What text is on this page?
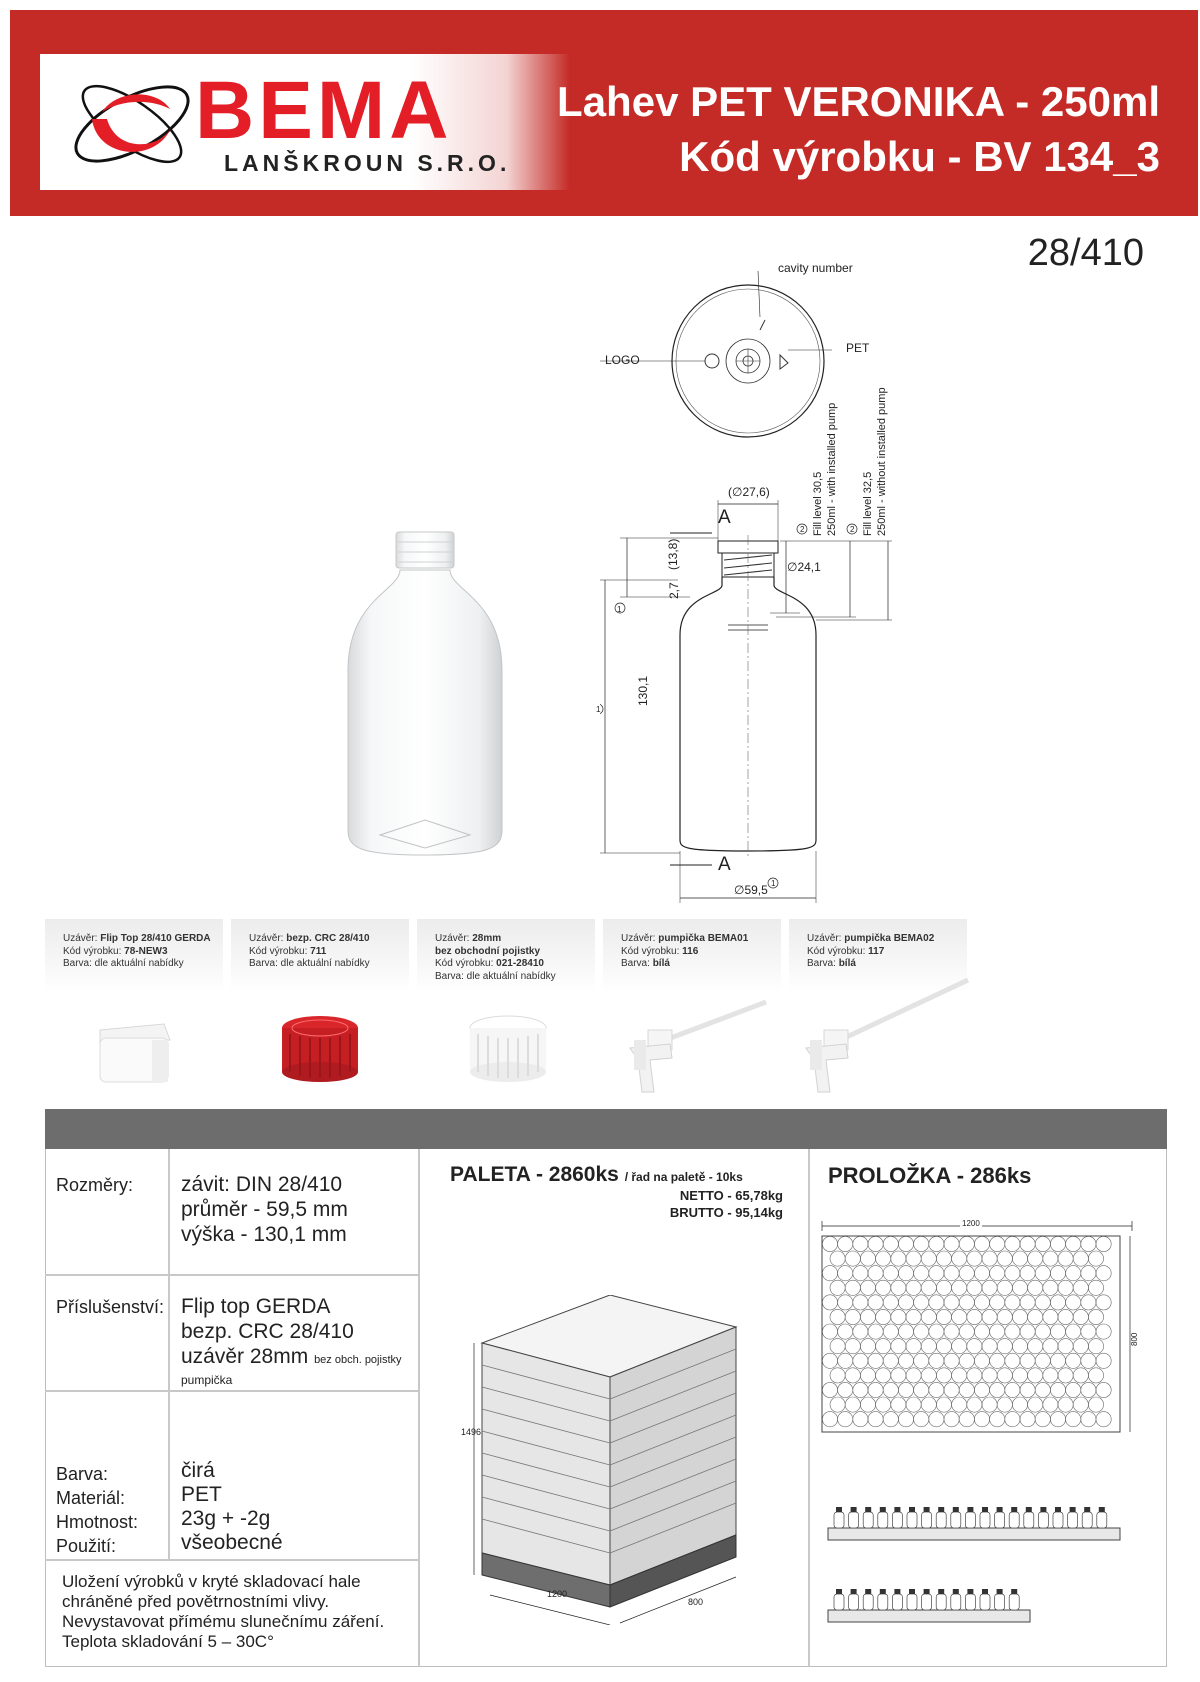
BEMA
LANŠKROUN S.R.O.
Lahev PET VERONIKA - 250ml
Kód výrobku - BV 134_3
28/410
cavity number
LOGO
PET
(∅27,6)
∅24,1
(13,8)
2,7
130,1
∅59,5
A
A
1
1
1
2	2
Fill level 30,5 250ml - with installed pump Fill level 32,5 250ml - without installed pump
Uzávěr: Flip Top 28/410 GERDA
Kód výrobku: 78-NEW3
Barva: dle aktuální nabídky
Uzávěr: bezp. CRC 28/410
Kód výrobku: 711
Barva: dle aktuální nabídky
Uzávěr: 28mm
bez obchodní pojistky
Kód výrobku: 021-28410
Barva: dle aktuální nabídky
Uzávěr: pumpička BEMA01
Kód výrobku: 116
Barva: bílá
Uzávěr: pumpička BEMA02
Kód výrobku: 117
Barva: bílá
Rozměry: závit: DIN 28/410
průměr - 59,5 mm
výška - 130,1 mm
Příslušenství: Flip top GERDA
bezp. CRC 28/410
uzávěr 28mm bez obch. pojistky
pumpička
Barva:
Materiál:
Hmotnost:
Použití:
čirá
PET
23g + -2g
všeobecné
Uložení výrobků v kryté skladovací hale
chráněné před povětrnostními vlivy.
Nevystavovat přímému slunečnímu záření.
Teplota skladování 5 – 30C°
PALETA - 2860ks / řad na paletě - 10ks
NETTO - 65,78kg
BRUTTO - 95,14kg
1496
1200
800
PROLOŽKA - 286ks
1200
800
